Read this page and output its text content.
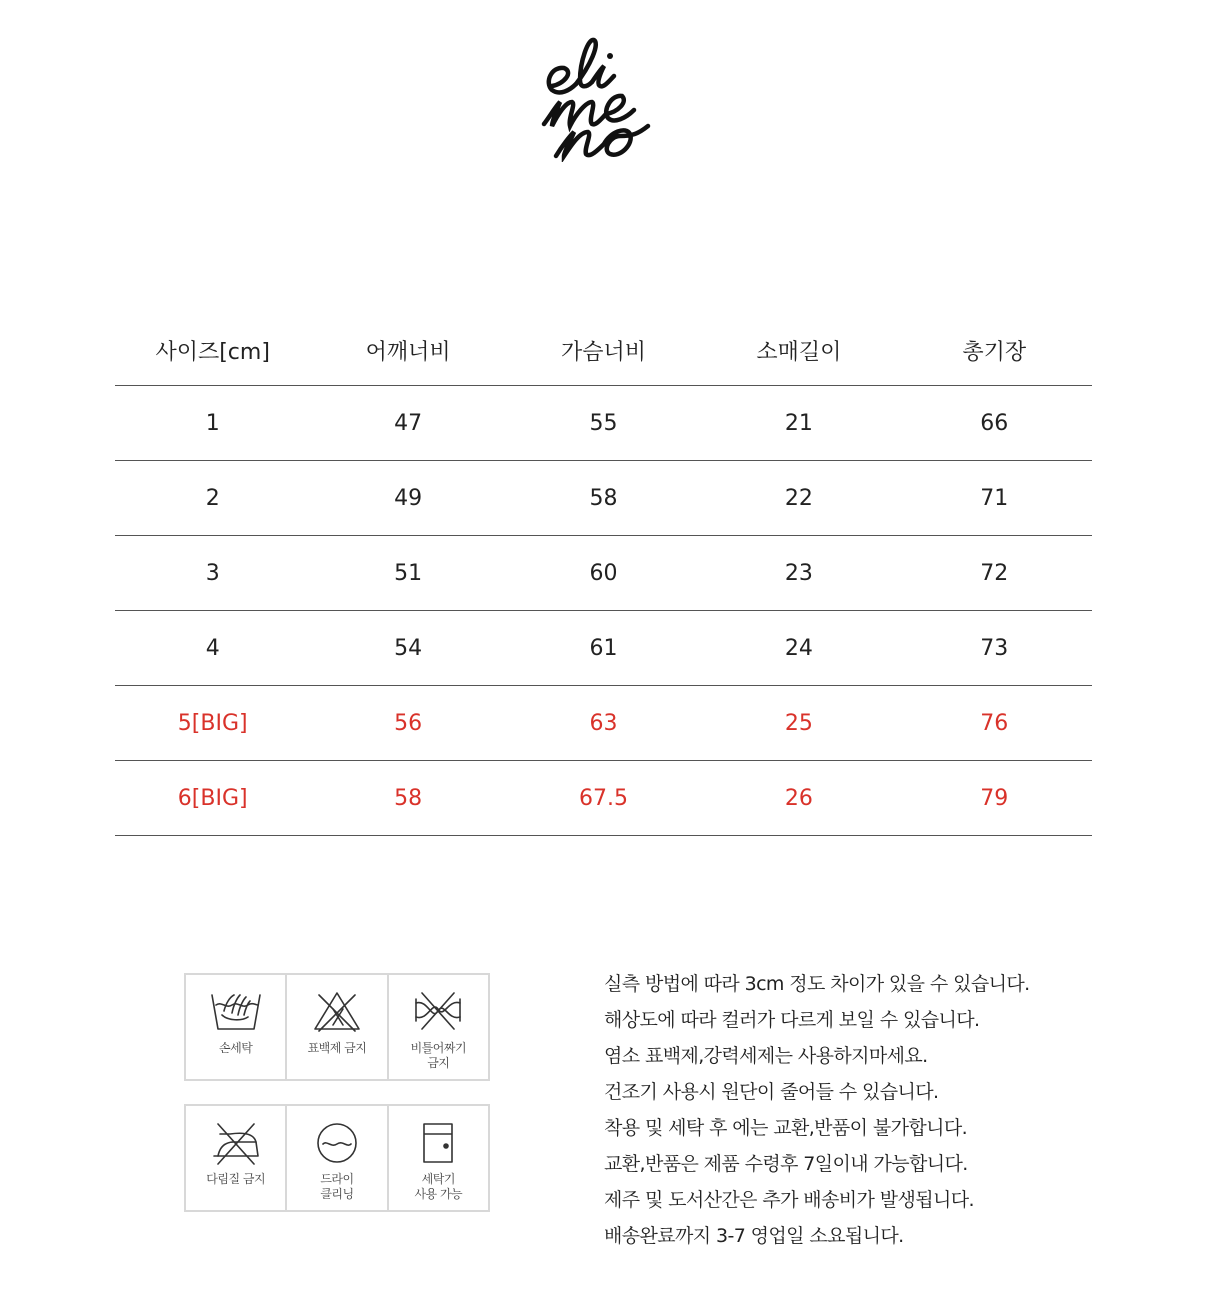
사이즈[cm]	어깨너비	가슴너비	소매길이	총기장
1	47	55	21	66
2	49	58	22	71
3	51	60	23	72
4	54	61	24	73
5[BIG]	56	63	25	76
6[BIG]	58	67.5	26	79
손세탁	표백제 금지	비틀어짜기
금지
다림질 금지	드라이
클리닝
세탁기
사용 가능
실측 방법에 따라 3cm 정도 차이가 있을 수 있습니다.
해상도에 따라 컬러가 다르게 보일 수 있습니다.
염소 표백제,강력세제는 사용하지마세요.
건조기 사용시 원단이 줄어들 수 있습니다.
착용 및 세탁 후 에는 교환,반품이 불가합니다.
교환,반품은 제품 수령후 7일이내 가능합니다.
제주 및 도서산간은 추가 배송비가 발생됩니다.
배송완료까지 3-7 영업일 소요됩니다.
